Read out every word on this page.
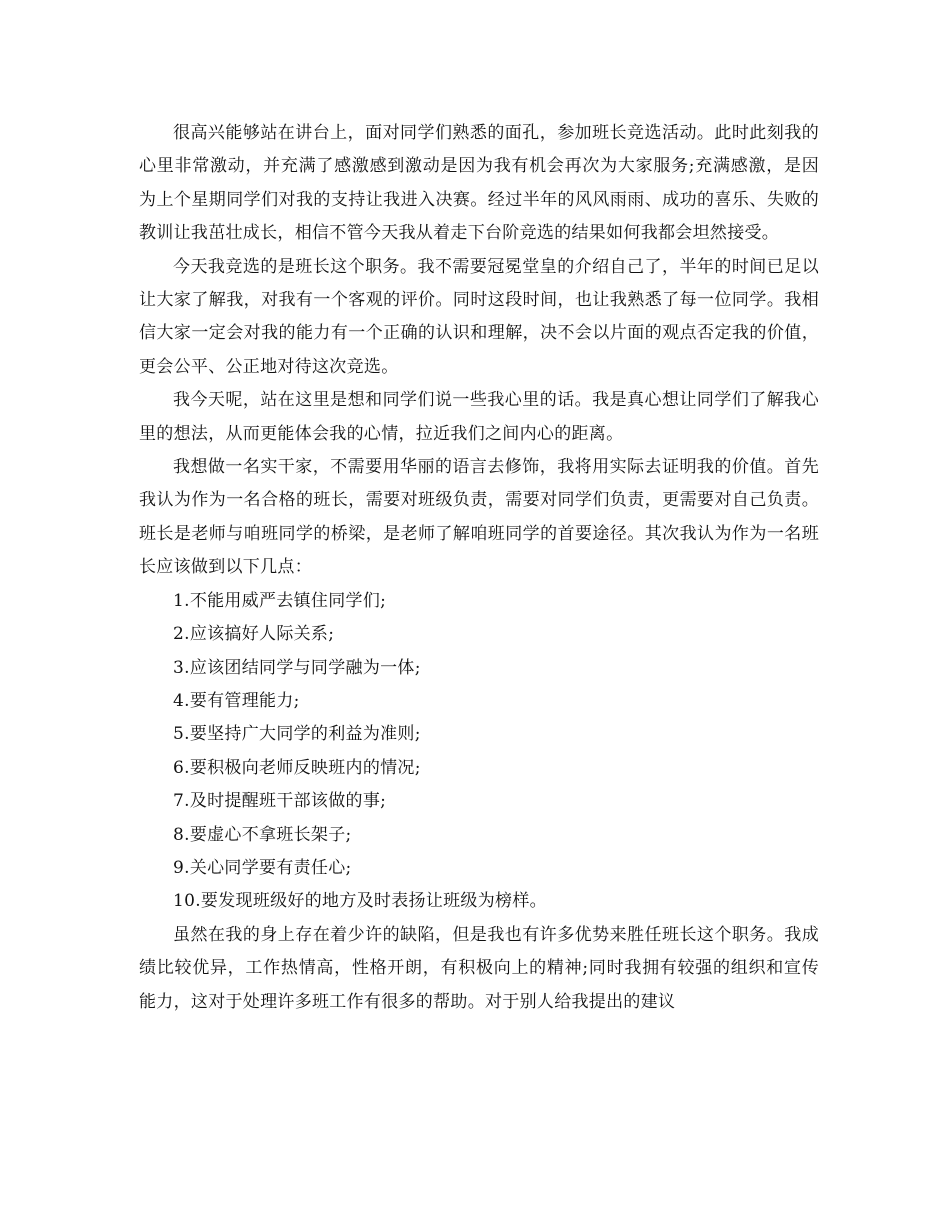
很高兴能够站在讲台上，面对同学们熟悉的面孔，参加班长竞选活动。此时此刻我的心里非常激动，并充满了感激感到激动是因为我有机会再次为大家服务;充满感激，是因为上个星期同学们对我的支持让我进入决赛。经过半年的风风雨雨、成功的喜乐、失败的教训让我茁壮成长，相信不管今天我从着走下台阶竞选的结果如何我都会坦然接受。

今天我竞选的是班长这个职务。我不需要冠冕堂皇的介绍自己了，半年的时间已足以让大家了解我，对我有一个客观的评价。同时这段时间，也让我熟悉了每一位同学。我相信大家一定会对我的能力有一个正确的认识和理解，决不会以片面的观点否定我的价值，更会公平、公正地对待这次竞选。

我今天呢，站在这里是想和同学们说一些我心里的话。我是真心想让同学们了解我心里的想法，从而更能体会我的心情，拉近我们之间内心的距离。

我想做一名实干家，不需要用华丽的语言去修饰，我将用实际去证明我的价值。首先我认为作为一名合格的班长，需要对班级负责，需要对同学们负责，更需要对自己负责。班长是老师与咱班同学的桥梁，是老师了解咱班同学的首要途径。其次我认为作为一名班长应该做到以下几点：

1.不能用威严去镇住同学们;
2.应该搞好人际关系;
3.应该团结同学与同学融为一体;
4.要有管理能力;
5.要坚持广大同学的利益为准则;
6.要积极向老师反映班内的情况;
7.及时提醒班干部该做的事;
8.要虚心不拿班长架子;
9.关心同学要有责任心;
10.要发现班级好的地方及时表扬让班级为榜样。

虽然在我的身上存在着少许的缺陷，但是我也有许多优势来胜任班长这个职务。我成绩比较优异，工作热情高，性格开朗，有积极向上的精神;同时我拥有较强的组织和宣传能力，这对于处理许多班工作有很多的帮助。对于别人给我提出的建议
